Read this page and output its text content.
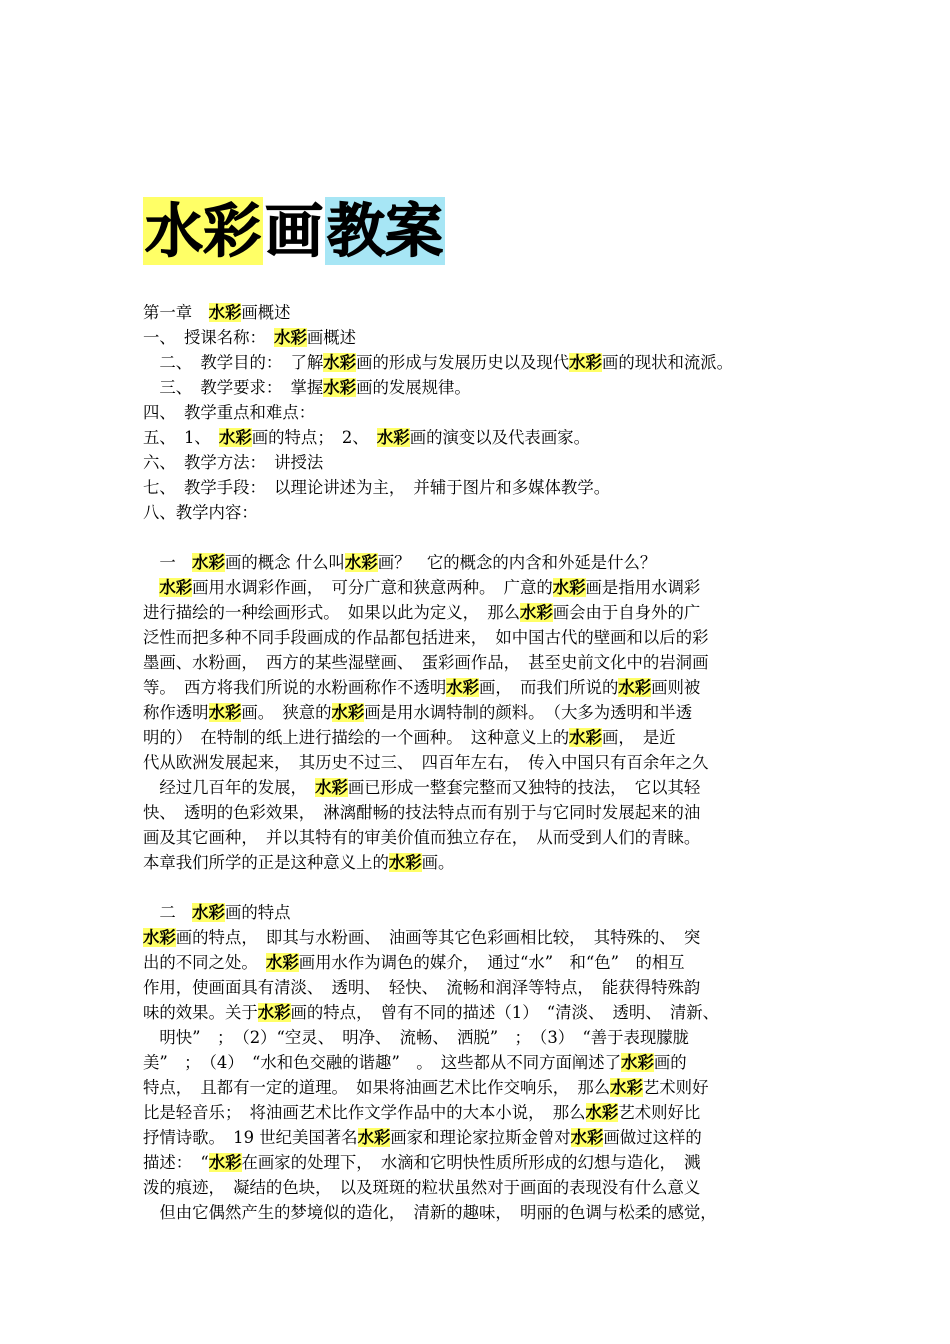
水彩 画 教案
第一章　水彩画概述
一、　授课名称：　水彩画概述
　二、　教学目的：　了解水彩画的形成与发展历史以及现代水彩画的现状和流派。
　三、　教学要求：　掌握水彩画的发展规律。
四、　教学重点和难点：
五、　1、　水彩画的特点；　2、　水彩画的演变以及代表画家。
六、　教学方法：　讲授法
七、　教学手段：　以理论讲述为主，　并辅于图片和多媒体教学。
八、教学内容：
　一　水彩画的概念 什么叫水彩画？　它的概念的内含和外延是什么？
　水彩画用水调彩作画，　可分广意和狭意两种。　广意的水彩画是指用水调彩
进行描绘的一种绘画形式。　如果以此为定义，　那么水彩画会由于自身外的广
泛性而把多种不同手段画成的作品都包括进来，　如中国古代的壁画和以后的彩
墨画、水粉画，　西方的某些湿壁画、　蛋彩画作品，　甚至史前文化中的岩洞画
等。　西方将我们所说的水粉画称作不透明水彩画，　而我们所说的水彩画则被
称作透明水彩画。　狭意的水彩画是用水调特制的颜料。　（大多为透明和半透
明的）　在特制的纸上进行描绘的一个画种。　这种意义上的水彩画，　是近
代从欧洲发展起来，　其历史不过三、　四百年左右，　传入中国只有百余年之久
　经过几百年的发展，　水彩画已形成一整套完整而又独特的技法，　它以其轻
快、　透明的色彩效果，　淋漓酣畅的技法特点而有别于与它同时发展起来的油
画及其它画种，　并以其特有的审美价值而独立存在，　从而受到人们的青睐。
本章我们所学的正是这种意义上的水彩画。
　二　水彩画的特点
水彩画的特点，　即其与水粉画、　油画等其它色彩画相比较，　其特殊的、　突
出的不同之处。　水彩画用水作为调色的媒介，　通过“水”　和“色”　的相互
作用，使画面具有清淡、　透明、　轻快、　流畅和润泽等特点，　能获得特殊韵
味的效果。关于水彩画的特点，　曾有不同的描述（1）　“清淡、　透明、　清新、
　明快”　；　（2）“空灵、　明净、　流畅、　洒脱”　；　（3）　“善于表现朦胧
美”　；　（4）　“水和色交融的谐趣”　。　这些都从不同方面阐述了水彩画的
特点，　且都有一定的道理。　如果将油画艺术比作交响乐，　那么水彩艺术则好
比是轻音乐；　将油画艺术比作文学作品中的大本小说，　那么水彩艺术则好比
抒情诗歌。　19 世纪美国著名水彩画家和理论家拉斯金曾对水彩画做过这样的
描述：　“水彩在画家的处理下，　水滴和它明快性质所形成的幻想与造化，　溅
泼的痕迹，　凝结的色块，　以及斑斑的粒状虽然对于画面的表现没有什么意义
　但由它偶然产生的梦境似的造化，　清新的趣味，　明丽的色调与松柔的感觉，
